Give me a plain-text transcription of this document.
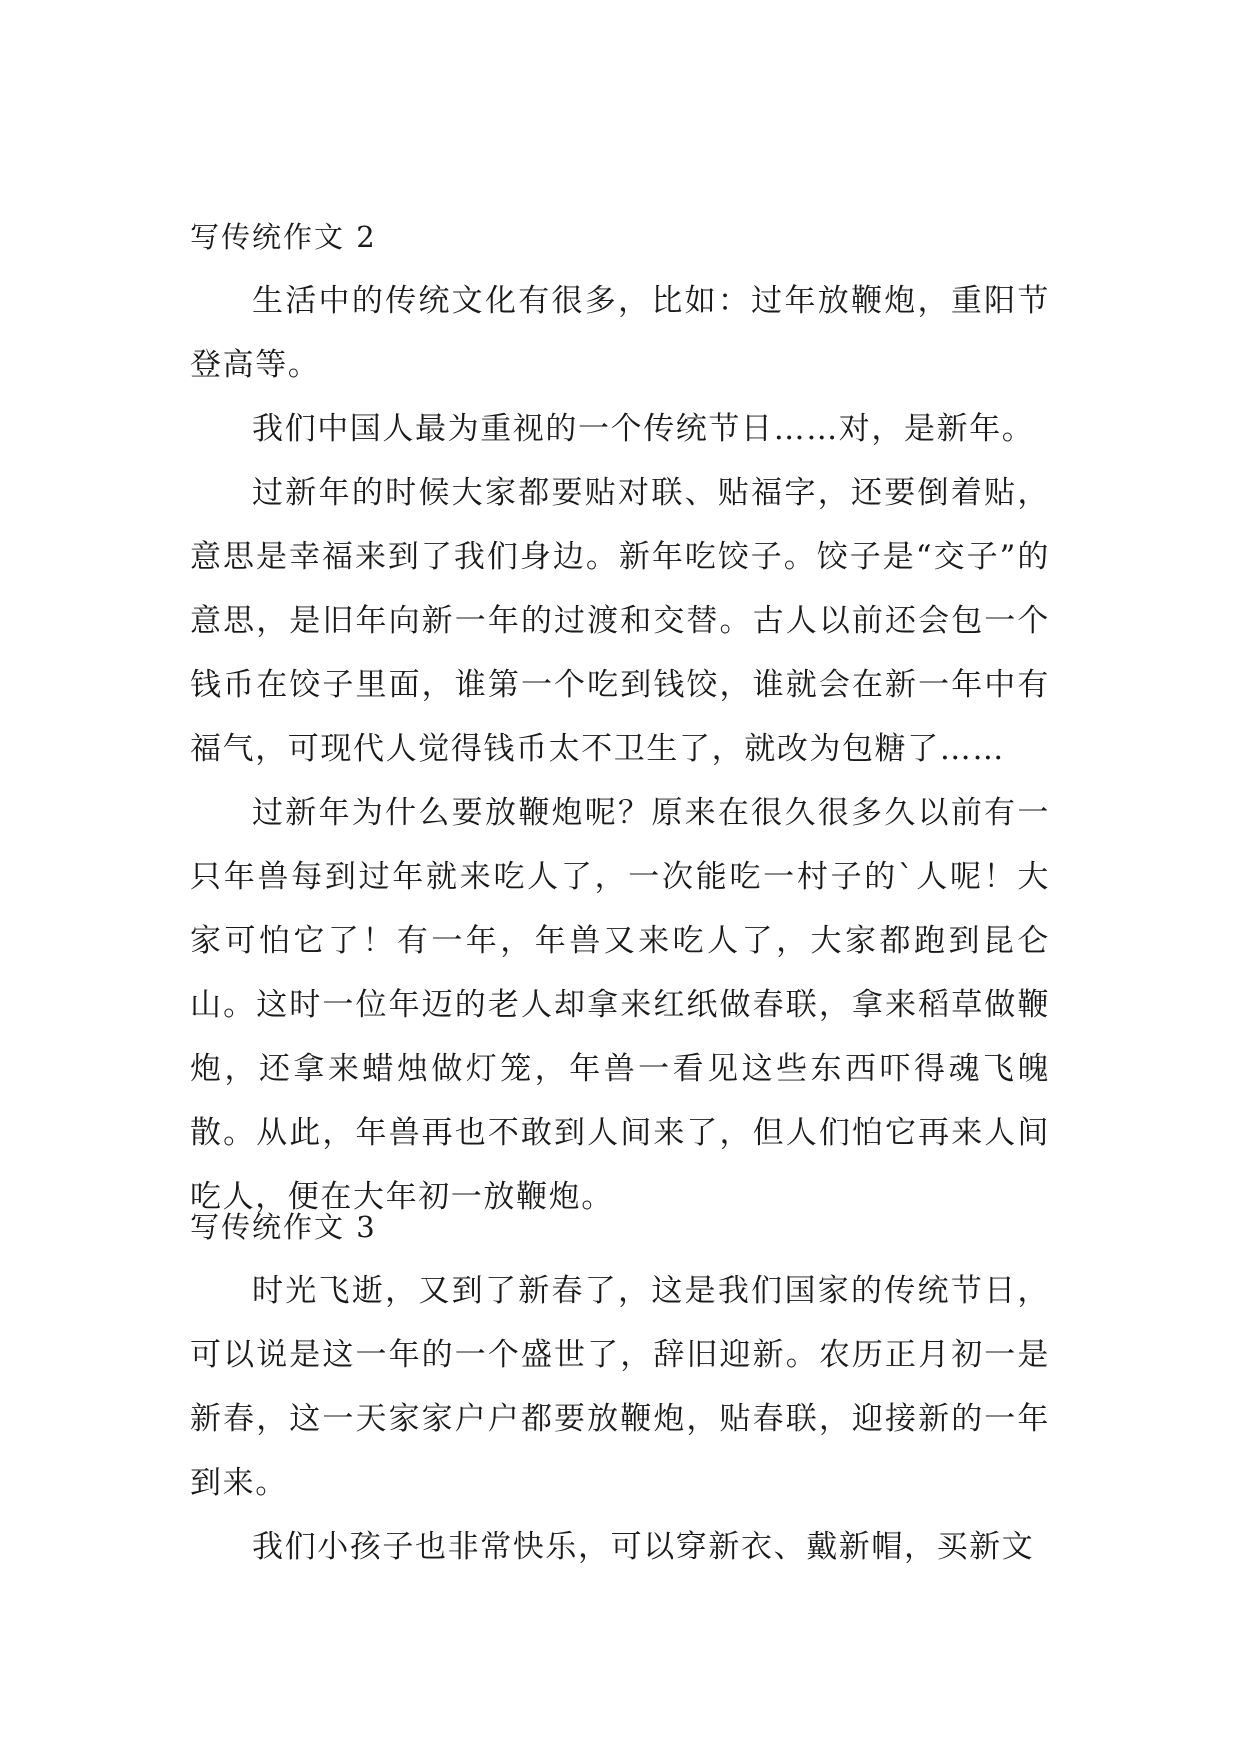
写传统作文 2

生活中的传统文化有很多，比如：过年放鞭炮，重阳节登高等。

我们中国人最为重视的一个传统节日……对，是新年。

过新年的时候大家都要贴对联、贴福字，还要倒着贴，意思是幸福来到了我们身边。新年吃饺子。饺子是“交子”的意思，是旧年向新一年的过渡和交替。古人以前还会包一个钱币在饺子里面，谁第一个吃到钱饺，谁就会在新一年中有福气，可现代人觉得钱币太不卫生了，就改为包糖了……

过新年为什么要放鞭炮呢？原来在很久很多久以前有一只年兽每到过年就来吃人了，一次能吃一村子的`人呢！大家可怕它了！有一年，年兽又来吃人了，大家都跑到昆仑山。这时一位年迈的老人却拿来红纸做春联，拿来稻草做鞭炮，还拿来蜡烛做灯笼，年兽一看见这些东西吓得魂飞魄散。从此，年兽再也不敢到人间来了，但人们怕它再来人间吃人，便在大年初一放鞭炮。

写传统作文 3

时光飞逝，又到了新春了，这是我们国家的传统节日，可以说是这一年的一个盛世了，辞旧迎新。农历正月初一是新春，这一天家家户户都要放鞭炮，贴春联，迎接新的一年到来。

我们小孩子也非常快乐，可以穿新衣、戴新帽，买新文
